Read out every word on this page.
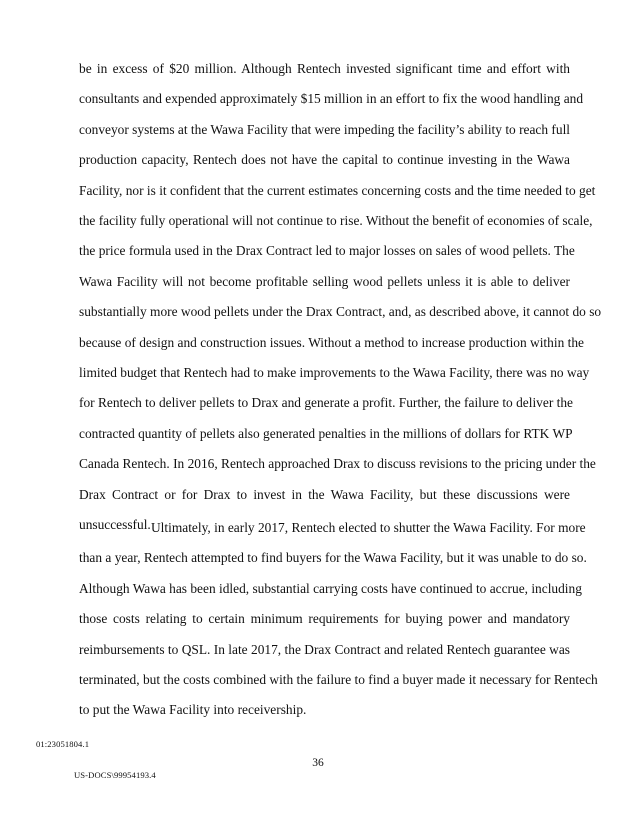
be in excess of $20 million. Although Rentech invested significant time and effort with
consultants and expended approximately $15 million in an effort to fix the wood handling and
conveyor systems at the Wawa Facility that were impeding the facility’s ability to reach full
production capacity, Rentech does not have the capital to continue investing in the Wawa
Facility, nor is it confident that the current estimates concerning costs and the time needed to get
the facility fully operational will not continue to rise. Without the benefit of economies of scale,
the price formula used in the Drax Contract led to major losses on sales of wood pellets. The
Wawa Facility will not become profitable selling wood pellets unless it is able to deliver
substantially more wood pellets under the Drax Contract, and, as described above, it cannot do so
because of design and construction issues. Without a method to increase production within the
limited budget that Rentech had to make improvements to the Wawa Facility, there was no way
for Rentech to deliver pellets to Drax and generate a profit. Further, the failure to deliver the
contracted quantity of pellets also generated penalties in the millions of dollars for RTK WP
Canada Rentech. In 2016, Rentech approached Drax to discuss revisions to the pricing under the
Drax Contract or for Drax to invest in the Wawa Facility, but these discussions were
unsuccessful. Ultimately, in early 2017, Rentech elected to shutter the Wawa Facility. For more
than a year, Rentech attempted to find buyers for the Wawa Facility, but it was unable to do so.
Although Wawa has been idled, substantial carrying costs have continued to accrue, including
those costs relating to certain minimum requirements for buying power and mandatory
reimbursements to QSL. In late 2017, the Drax Contract and related Rentech guarantee was
terminated, but the costs combined with the failure to find a buyer made it necessary for Rentech
to put the Wawa Facility into receivership.
01:23051804.1
36
US-DOCS\99954193.4
